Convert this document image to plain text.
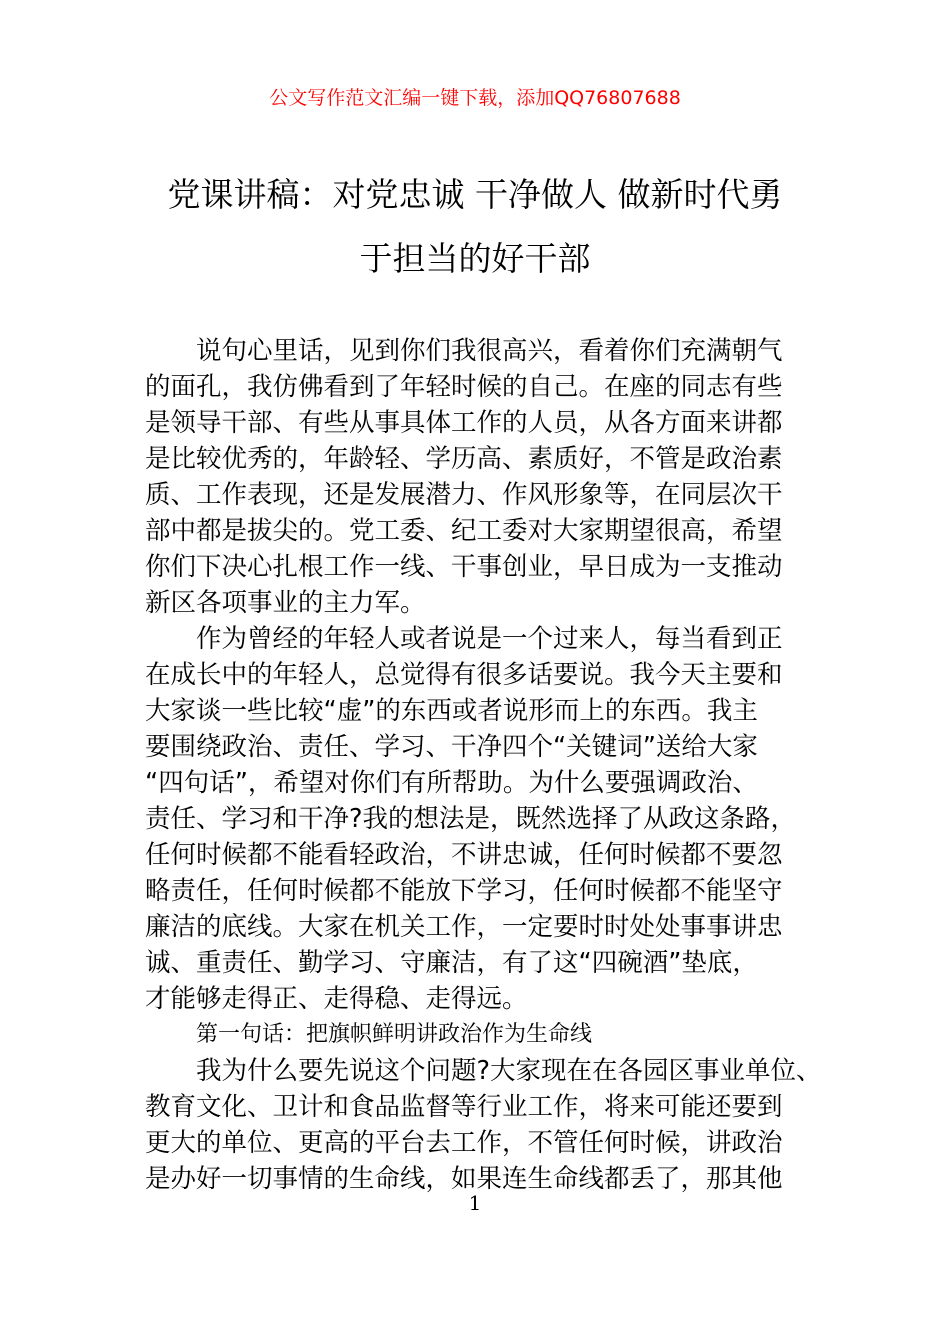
公文写作范文汇编一键下载，添加QQ76807688
党课讲稿：对党忠诚 干净做人 做新时代勇
于担当的好干部
说句心里话，见到你们我很高兴，看着你们充满朝气
的面孔，我仿佛看到了年轻时候的自己。在座的同志有些
是领导干部、有些从事具体工作的人员，从各方面来讲都
是比较优秀的，年龄轻、学历高、素质好，不管是政治素
质、工作表现，还是发展潜力、作风形象等，在同层次干
部中都是拔尖的。党工委、纪工委对大家期望很高，希望
你们下决心扎根工作一线、干事创业，早日成为一支推动
新区各项事业的主力军。
作为曾经的年轻人或者说是一个过来人，每当看到正
在成长中的年轻人，总觉得有很多话要说。我今天主要和
大家谈一些比较“虚”的东西或者说形而上的东西。我主
要围绕政治、责任、学习、干净四个“关键词”送给大家
“四句话”，希望对你们有所帮助。为什么要强调政治、
责任、学习和干净?我的想法是，既然选择了从政这条路，
任何时候都不能看轻政治，不讲忠诚，任何时候都不要忽
略责任，任何时候都不能放下学习，任何时候都不能坚守
廉洁的底线。大家在机关工作，一定要时时处处事事讲忠
诚、重责任、勤学习、守廉洁，有了这“四碗酒”垫底，
才能够走得正、走得稳、走得远。
第一句话：把旗帜鲜明讲政治作为生命线
我为什么要先说这个问题?大家现在在各园区事业单位、
教育文化、卫计和食品监督等行业工作，将来可能还要到
更大的单位、更高的平台去工作，不管任何时候，讲政治
是办好一切事情的生命线，如果连生命线都丢了，那其他
1
